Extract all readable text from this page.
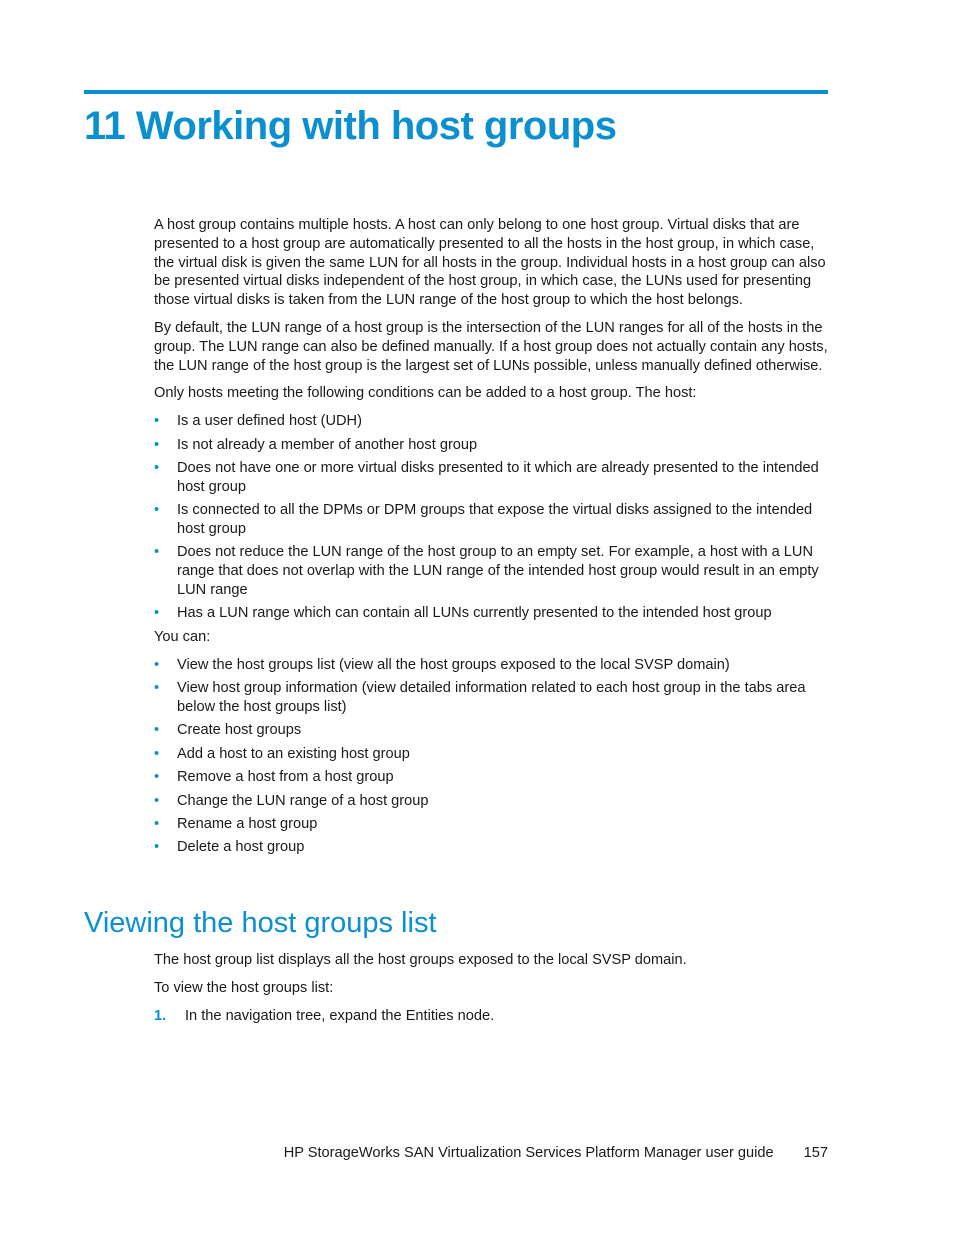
11 Working with host groups

A host group contains multiple hosts. A host can only belong to one host group. Virtual disks that are presented to a host group are automatically presented to all the hosts in the host group, in which case, the virtual disk is given the same LUN for all hosts in the group. Individual hosts in a host group can also be presented virtual disks independent of the host group, in which case, the LUNs used for presenting those virtual disks is taken from the LUN range of the host group to which the host belongs.

By default, the LUN range of a host group is the intersection of the LUN ranges for all of the hosts in the group. The LUN range can also be defined manually. If a host group does not actually contain any hosts, the LUN range of the host group is the largest set of LUNs possible, unless manually defined otherwise.

Only hosts meeting the following conditions can be added to a host group. The host:

• Is a user defined host (UDH)
• Is not already a member of another host group
• Does not have one or more virtual disks presented to it which are already presented to the intended host group
• Is connected to all the DPMs or DPM groups that expose the virtual disks assigned to the intended host group
• Does not reduce the LUN range of the host group to an empty set. For example, a host with a LUN range that does not overlap with the LUN range of the intended host group would result in an empty LUN range
• Has a LUN range which can contain all LUNs currently presented to the intended host group

You can:

• View the host groups list (view all the host groups exposed to the local SVSP domain)
• View host group information (view detailed information related to each host group in the tabs area below the host groups list)
• Create host groups
• Add a host to an existing host group
• Remove a host from a host group
• Change the LUN range of a host group
• Rename a host group
• Delete a host group
Viewing the host groups list

The host group list displays all the host groups exposed to the local SVSP domain.

To view the host groups list:

1. In the navigation tree, expand the Entities node.
HP StorageWorks SAN Virtualization Services Platform Manager user guide 157
